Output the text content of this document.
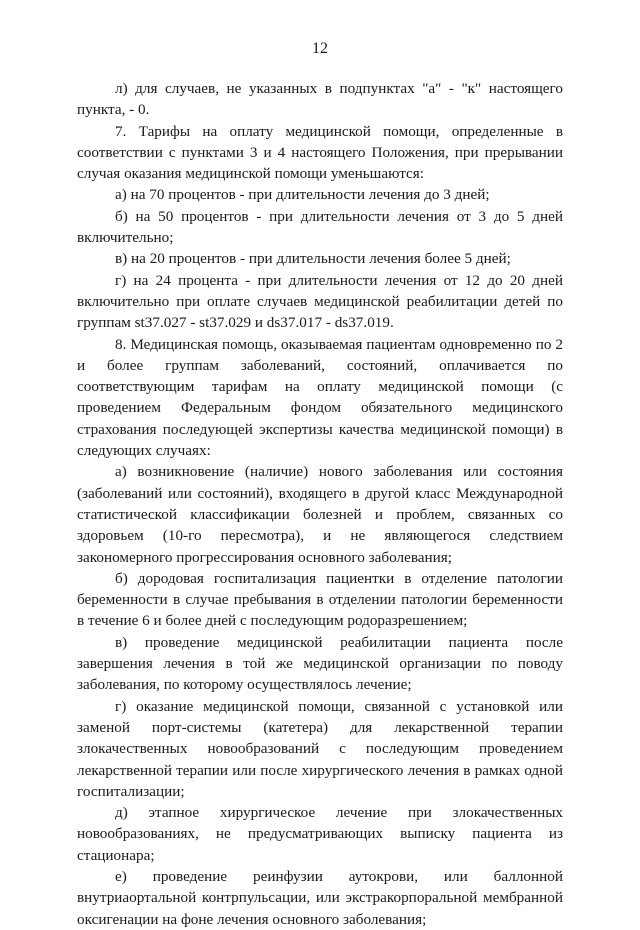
12

л) для случаев, не указанных в подпунктах "а" - "к" настоящего пункта, - 0.

7. Тарифы на оплату медицинской помощи, определенные в соответствии с пунктами 3 и 4 настоящего Положения, при прерывании случая оказания медицинской помощи уменьшаются:

а) на 70 процентов - при длительности лечения до 3 дней;

б) на 50 процентов - при длительности лечения от 3 до 5 дней включительно;

в) на 20 процентов - при длительности лечения более 5 дней;

г) на 24 процента - при длительности лечения от 12 до 20 дней включительно при оплате случаев медицинской реабилитации детей по группам st37.027 - st37.029 и ds37.017 - ds37.019.

8. Медицинская помощь, оказываемая пациентам одновременно по 2 и более группам заболеваний, состояний, оплачивается по соответствующим тарифам на оплату медицинской помощи (с проведением Федеральным фондом обязательного медицинского страхования последующей экспертизы качества медицинской помощи) в следующих случаях:

а) возникновение (наличие) нового заболевания или состояния (заболеваний или состояний), входящего в другой класс Международной статистической классификации болезней и проблем, связанных со здоровьем (10-го пересмотра), и не являющегося следствием закономерного прогрессирования основного заболевания;

б) дородовая госпитализация пациентки в отделение патологии беременности в случае пребывания в отделении патологии беременности в течение 6 и более дней с последующим родоразрешением;

в) проведение медицинской реабилитации пациента после завершения лечения в той же медицинской организации по поводу заболевания, по которому осуществлялось лечение;

г) оказание медицинской помощи, связанной с установкой или заменой порт-системы (катетера) для лекарственной терапии злокачественных новообразований с последующим проведением лекарственной терапии или после хирургического лечения в рамках одной госпитализации;

д) этапное хирургическое лечение при злокачественных новообразованиях, не предусматривающих выписку пациента из стационара;

е) проведение реинфузии аутокрови, или баллонной внутриаортальной контрпульсации, или экстракорпоральной мембранной оксигенации на фоне лечения основного заболевания;
